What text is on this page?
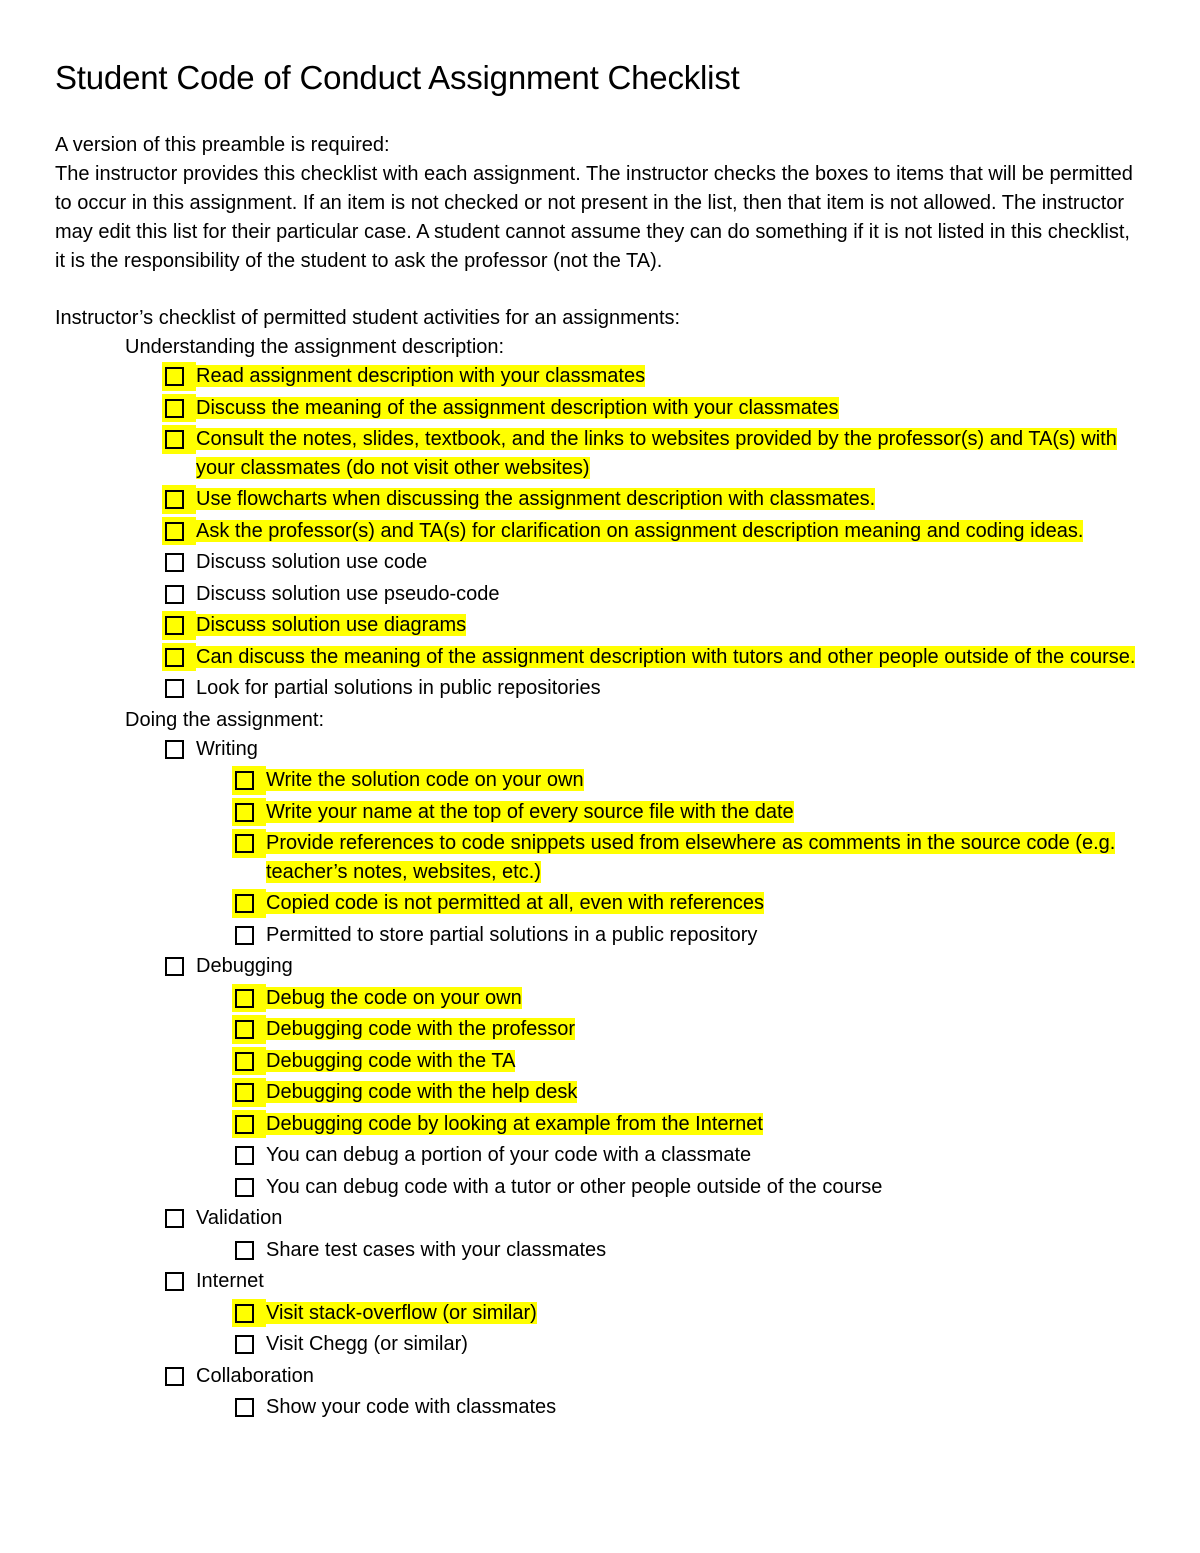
Student Code of Conduct Assignment Checklist

A version of this preamble is required:

The instructor provides this checklist with each assignment. The instructor checks the boxes to items that will be permitted to occur in this assignment. If an item is not checked or not present in the list, then that item is not allowed. The instructor may edit this list for their particular case. A student cannot assume they can do something if it is not listed in this checklist, it is the responsibility of the student to ask the professor (not the TA).

Instructor’s checklist of permitted student activities for an assignments:
Understanding the assignment description:
Read assignment description with your classmates
Discuss the meaning of the assignment description with your classmates
Consult the notes, slides, textbook, and the links to websites provided by the professor(s) and TA(s) with your classmates (do not visit other websites)
Use flowcharts when discussing the assignment description with classmates.
Ask the professor(s) and TA(s) for clarification on assignment description meaning and coding ideas.
Discuss solution use code
Discuss solution use pseudo-code
Discuss solution use diagrams
Can discuss the meaning of the assignment description with tutors and other people outside of the course.
Look for partial solutions in public repositories
Doing the assignment:
Writing
Write the solution code on your own
Write your name at the top of every source file with the date
Provide references to code snippets used from elsewhere as comments in the source code (e.g. teacher’s notes, websites, etc.)
Copied code is not permitted at all, even with references
Permitted to store partial solutions in a public repository
Debugging
Debug the code on your own
Debugging code with the professor
Debugging code with the TA
Debugging code with the help desk
Debugging code by looking at example from the Internet
You can debug a portion of your code with a classmate
You can debug code with a tutor or other people outside of the course
Validation
Share test cases with your classmates
Internet
Visit stack-overflow (or similar)
Visit Chegg (or similar)
Collaboration
Show your code with classmates
